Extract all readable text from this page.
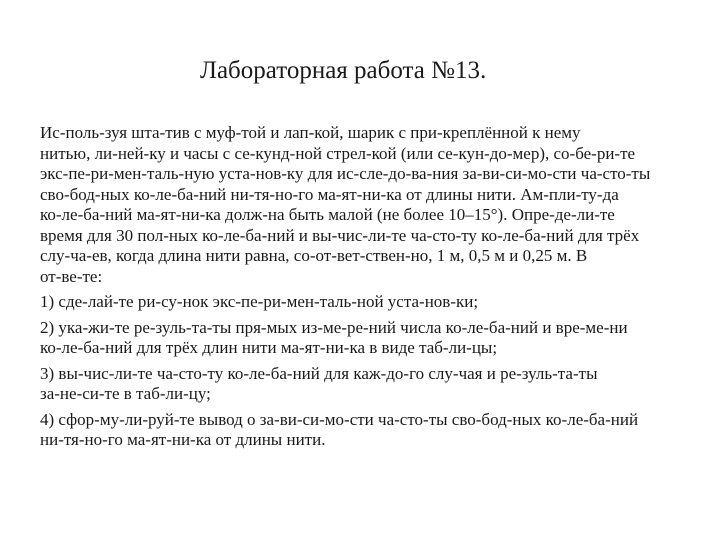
Лабораторная работа №13.
Ис-поль-зуя шта-тив с муф-той и лап-кой, шарик с при-креплённой к нему
нитью, ли-ней-ку и часы с се-кунд-ной стрел-кой (или се-кун-до-мер), со-бе-ри-те
экс-пе-ри-мен-таль-ную уста-нов-ку для ис-сле-до-ва-ния за-ви-си-мо-сти ча-сто-ты
сво-бод-ных ко-ле-ба-ний ни-тя-но-го ма-ят-ни-ка от длины нити. Ам-пли-ту-да
ко-ле-ба-ний ма-ят-ни-ка долж-на быть малой (не более 10–15°). Опре-де-ли-те
время для 30 пол-ных ко-ле-ба-ний и вы-чис-ли-те ча-сто-ту ко-ле-ба-ний для трёх
слу-ча-ев, когда длина нити равна, со-от-вет-ствен-но, 1 м, 0,5 м и 0,25 м. В
от-ве-те:
1) сде-лай-те ри-су-нок экс-пе-ри-мен-таль-ной уста-нов-ки;
2) ука-жи-те ре-зуль-та-ты пря-мых из-ме-ре-ний числа ко-ле-ба-ний и вре-ме-ни
ко-ле-ба-ний для трёх длин нити ма-ят-ни-ка в виде таб-ли-цы;
3) вы-чис-ли-те ча-сто-ту ко-ле-ба-ний для каж-до-го слу-чая и ре-зуль-та-ты
за-не-си-те в таб-ли-цу;
4) сфор-му-ли-руй-те вывод о за-ви-си-мо-сти ча-сто-ты сво-бод-ных ко-ле-ба-ний
ни-тя-но-го ма-ят-ни-ка от длины нити.
